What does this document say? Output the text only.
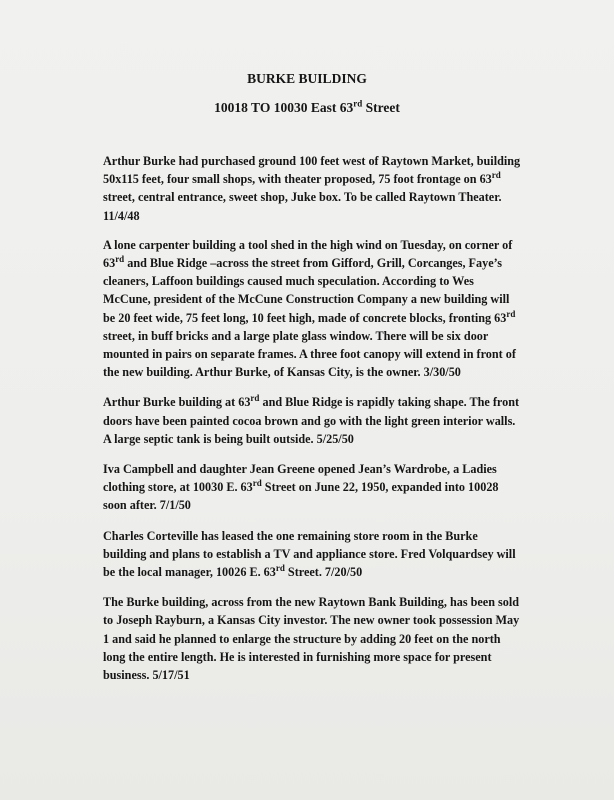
BURKE BUILDING
10018 TO 10030 East 63rd Street

Arthur Burke had purchased ground 100 feet west of Raytown Market, building 50x115 feet, four small shops, with theater proposed, 75 foot frontage on 63rd street, central entrance, sweet shop, Juke box. To be called Raytown Theater. 11/4/48

A lone carpenter building a tool shed in the high wind on Tuesday, on corner of 63rd and Blue Ridge –across the street from Gifford, Grill, Corcanges, Faye’s cleaners, Laffoon buildings caused much speculation. According to Wes McCune, president of the McCune Construction Company a new building will be 20 feet wide, 75 feet long, 10 feet high, made of concrete blocks, fronting 63rd street, in buff bricks and a large plate glass window. There will be six door mounted in pairs on separate frames. A three foot canopy will extend in front of the new building. Arthur Burke, of Kansas City, is the owner. 3/30/50

Arthur Burke building at 63rd and Blue Ridge is rapidly taking shape. The front doors have been painted cocoa brown and go with the light green interior walls. A large septic tank is being built outside. 5/25/50

Iva Campbell and daughter Jean Greene opened Jean’s Wardrobe, a Ladies clothing store, at 10030 E. 63rd Street on June 22, 1950, expanded into 10028 soon after. 7/1/50

Charles Corteville has leased the one remaining store room in the Burke building and plans to establish a TV and appliance store. Fred Volquardsey will be the local manager, 10026 E. 63rd Street. 7/20/50

The Burke building, across from the new Raytown Bank Building, has been sold to Joseph Rayburn, a Kansas City investor. The new owner took possession May 1 and said he planned to enlarge the structure by adding 20 feet on the north long the entire length. He is interested in furnishing more space for present business. 5/17/51
